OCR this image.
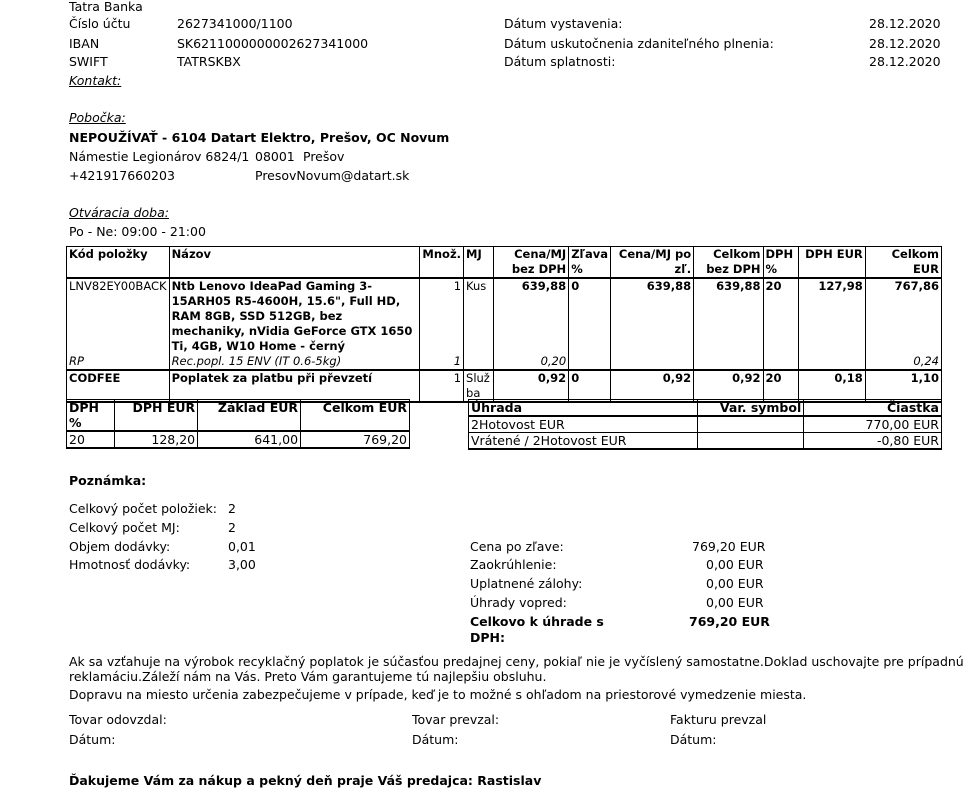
Tatra Banka
Číslo účtu	2627341000/1100
IBAN	SK6211000000002627341000
SWIFT	TATRSKBX
Kontakt:
Dátum vystavenia:	28.12.2020
Dátum uskutočnenia zdaniteľného plnenia:	28.12.2020
Dátum splatnosti:	28.12.2020
Pobočka:
NEPOUŽÍVAŤ - 6104 Datart Elektro, Prešov, OC Novum
Námestie Legionárov 6824/1 08001 Prešov
+421917660203	PresovNovum@datart.sk
Otváracia doba:
Po - Ne: 09:00 - 21:00
Kód položky	Názov	Množ.	MJ	Cena/MJ bez DPH	Zľava %	Cena/MJ po zľ.	Celkom bez DPH	DPH %	DPH EUR	Celkom EUR
LNV82EY00BACK	Ntb Lenovo IdeaPad Gaming 3-15ARH05 R5-4600H, 15.6", Full HD, RAM 8GB, SSD 512GB, bez mechaniky, nVidia GeForce GTX 1650 Ti, 4GB, W10 Home - černý	1	Kus	639,88	0	639,88	639,88	20	127,98	767,86
RP	Rec.popl. 15 ENV (IT 0.6-5kg)	1		0,20						0,24
CODFEE	Poplatek za platbu při převzetí	1	Služba	0,92	0	0,92	0,92	20	0,18	1,10
DPH %	DPH EUR	Základ EUR	Celkom EUR
20	128,20	641,00	769,20
Úhrada	Var. symbol	Čiastka
2Hotovost EUR		770,00 EUR
Vrátené / 2Hotovost EUR		-0,80 EUR
Poznámka:
Celkový počet položiek: 2
Celkový počet MJ:	2
Objem dodávky:	0,01
Hmotnosť dodávky:	3,00
Cena po zľave:	769,20 EUR
Zaokrúhlenie:	0,00 EUR
Uplatnené zálohy:	0,00 EUR
Úhrady vopred:	0,00 EUR
Celkovo k úhrade s
DPH:
769,20 EUR
Ak sa vzťahuje na výrobok recyklačný poplatok je súčasťou predajnej ceny, pokiaľ nie je vyčíslený samostatne.Doklad uschovajte pre prípadnú
reklamáciu.Záleží nám na Vás. Preto Vám garantujeme tú najlepšiu obsluhu.
Dopravu na miesto určenia zabezpečujeme v prípade, keď je to možné s ohľadom na priestorové vymedzenie miesta.
Tovar odovzdal:	Tovar prevzal:	Fakturu prevzal
Dátum:	Dátum:	Dátum:
Ďakujeme Vám za nákup a pekný deň praje Váš predajca: Rastislav
